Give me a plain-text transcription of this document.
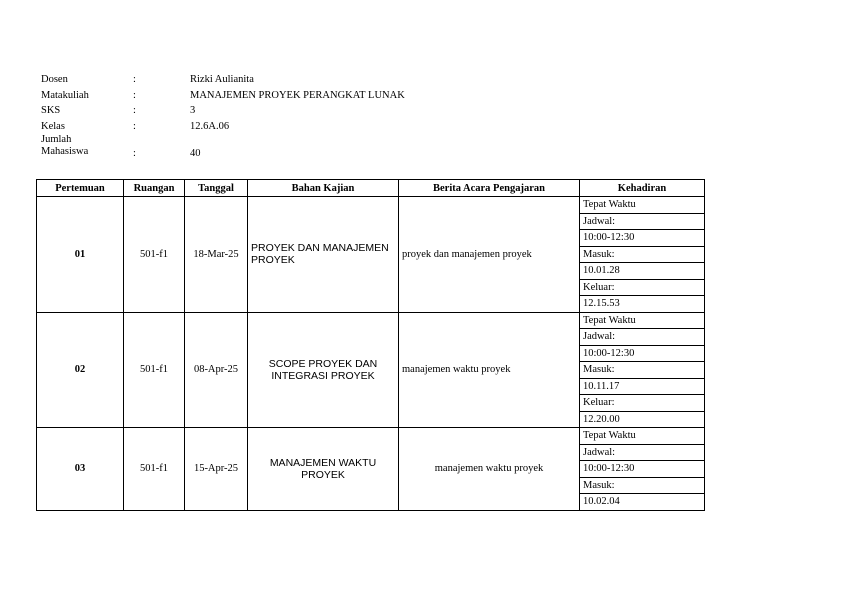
Dosen	:	Rizki Aulianita
Matakuliah	:	MANAJEMEN PROYEK PERANGKAT LUNAK
SKS	:	3
Kelas	:	12.6A.06
Jumlah
Mahasiswa	:	40
Pertemuan	Ruangan	Tanggal	Bahan Kajian	Berita Acara Pengajaran	Kehadiran
01	501-f1	18-Mar-25	PROYEK DAN MANAJEMEN PROYEK	proyek dan manajemen proyek	Tepat Waktu
					Jadwal:
					10:00-12:30
					Masuk:
					10.01.28
					Keluar:
					12.15.53
02	501-f1	08-Apr-25	SCOPE PROYEK DAN INTEGRASI PROYEK	manajemen waktu proyek	Tepat Waktu
					Jadwal:
					10:00-12:30
					Masuk:
					10.11.17
					Keluar:
					12.20.00
03	501-f1	15-Apr-25	MANAJEMEN WAKTU PROYEK	manajemen waktu proyek	Tepat Waktu
					Jadwal:
					10:00-12:30
					Masuk:
					10.02.04
